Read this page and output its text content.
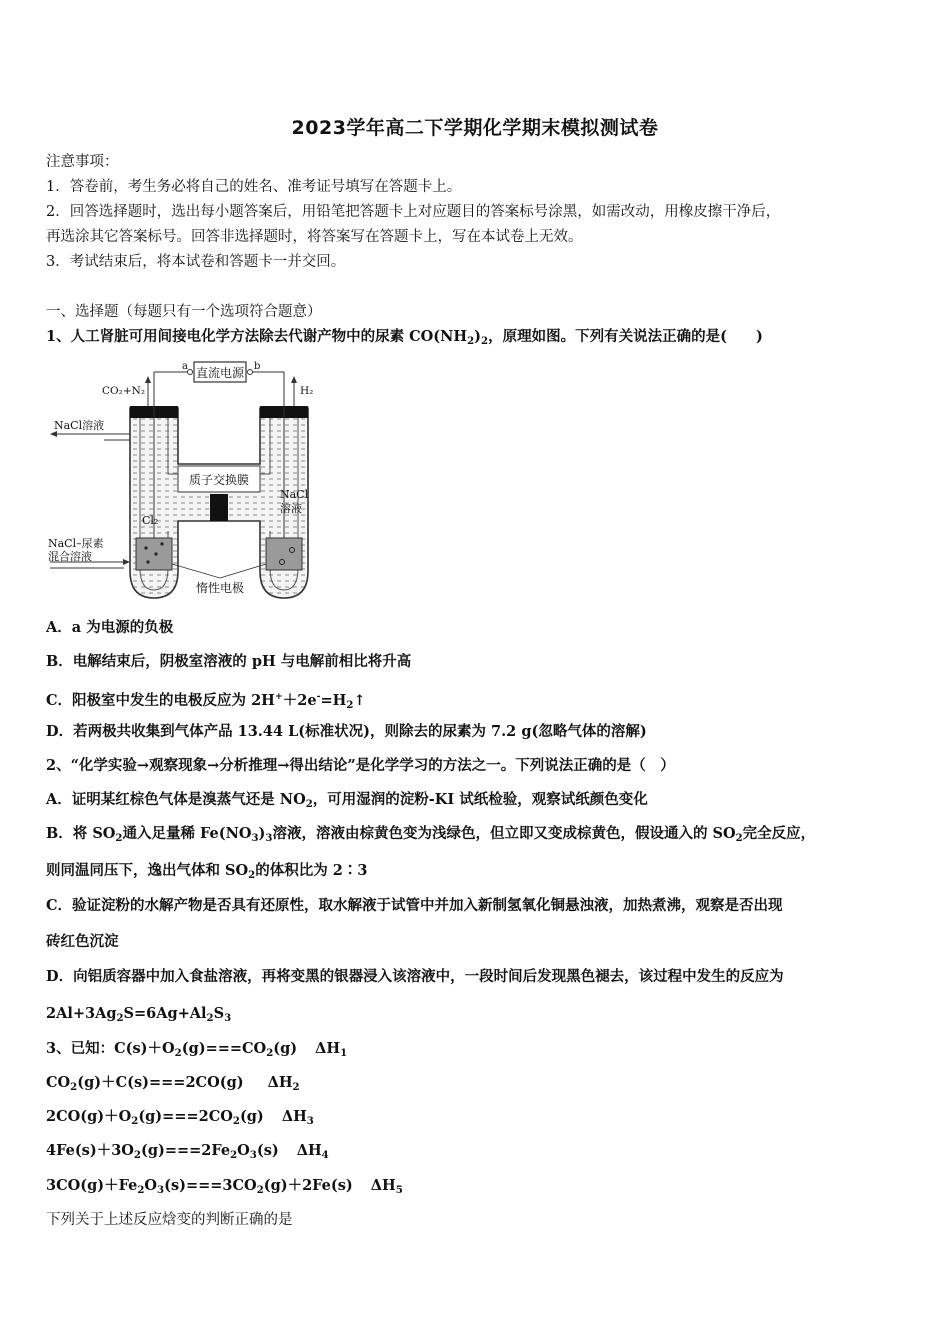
2023学年高二下学期化学期末模拟测试卷
注意事项：
1．答卷前，考生务必将自己的姓名、准考证号填写在答题卡上。
2．回答选择题时，选出每小题答案后，用铅笔把答题卡上对应题目的答案标号涂黑，如需改动，用橡皮擦干净后，
再选涂其它答案标号。回答非选择题时，将答案写在答题卡上，写在本试卷上无效。
3．考试结束后，将本试卷和答题卡一并交回。
一、选择题（每题只有一个选项符合题意）
1、人工肾脏可用间接电化学方法除去代谢产物中的尿素 $CO(NH_2)_2$，原理如图。下列有关说法正确的是(　　)
质子交换膜
直流电源
a	b
CO₂+N₂	H₂
NaCl溶液
NaCl
溶液
Cl₂
NaCl–尿素
混合溶液
惰性电极
A．a 为电源的负极
B．电解结束后，阴极室溶液的 pH 与电解前相比将升高
C．阳极室中发生的电极反应为 $2H^++2e^-=H_2↑$
D．若两极共收集到气体产品 13.44 L(标准状况)，则除去的尿素为 7.2 g(忽略气体的溶解)
2、“化学实验→观察现象→分析推理→得出结论”是化学学习的方法之一。下列说法正确的是（　）
A．证明某红棕色气体是溴蒸气还是 $NO_2$，可用湿润的淀粉-KI 试纸检验，观察试纸颜色变化
B．将 $SO_2$通入足量稀 $Fe(NO_3)_3$溶液，溶液由棕黄色变为浅绿色，但立即又变成棕黄色，假设通入的 $SO_2$完全反应，
则同温同压下，逸出气体和 $SO_2$的体积比为 2∶3
C．验证淀粉的水解产物是否具有还原性，取水解液于试管中并加入新制氢氧化铜悬浊液，加热煮沸，观察是否出现
砖红色沉淀
D．向铝质容器中加入食盐溶液，再将变黑的银器浸入该溶液中，一段时间后发现黑色褪去，该过程中发生的反应为
$2Al+3Ag_2S=6Ag+Al_2S_3$
3、已知：$C(s)+O_2(g)===CO_2(g)$ $\Delta H_1$
$CO_2(g)+C(s)===2CO(g)$ $\Delta H_2$
$2CO(g)+O_2(g)===2CO_2(g)$ $\Delta H_3$
$4Fe(s)+3O_2(g)===2Fe_2O_3(s)$ $\Delta H_4$
$3CO(g)+Fe_2O_3(s)===3CO_2(g)+2Fe(s)$ $\Delta H_5$
下列关于上述反应焓变的判断正确的是
